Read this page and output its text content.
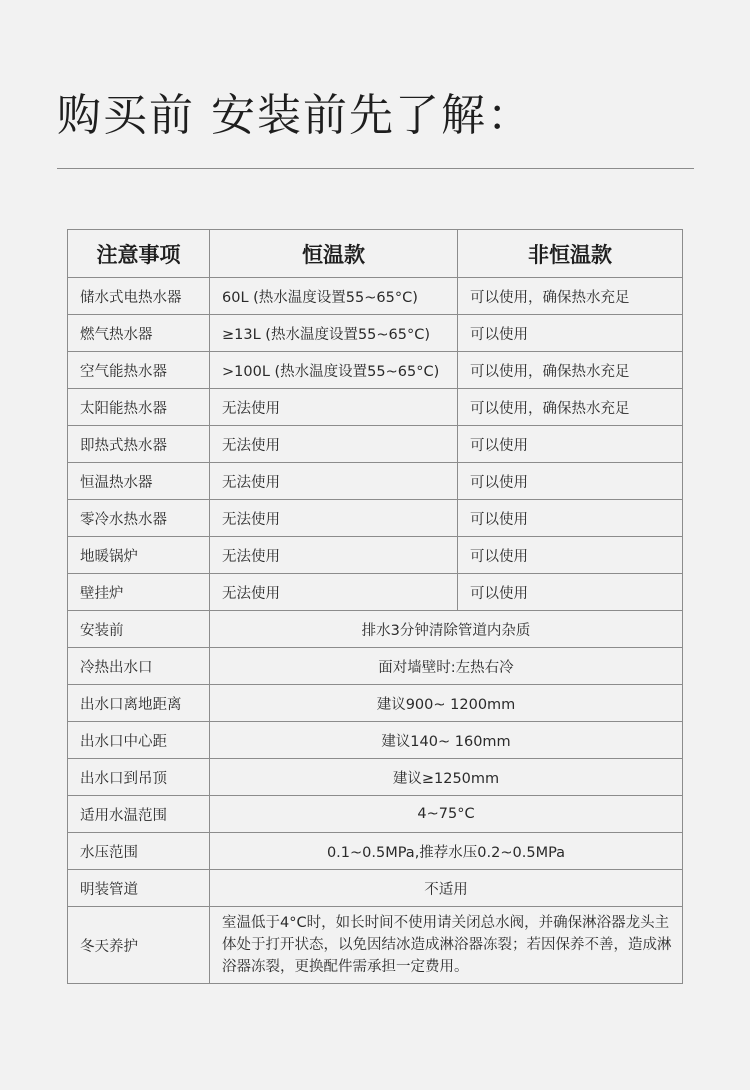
购买前 安装前先了解：
注意事项	恒温款	非恒温款
储水式电热水器	60L (热水温度设置55~65°C)	可以使用，确保热水充足
燃气热水器	≥13L (热水温度设置55~65°C)	可以使用
空气能热水器	>100L (热水温度设置55~65°C)	可以使用，确保热水充足
太阳能热水器	无法使用	可以使用，确保热水充足
即热式热水器	无法使用	可以使用
恒温热水器	无法使用	可以使用
零冷水热水器	无法使用	可以使用
地暖锅炉	无法使用	可以使用
壁挂炉	无法使用	可以使用
安装前	排水3分钟清除管道内杂质	
冷热出水口	面对墙壁时:左热右冷	
出水口离地距离	建议900~ 1200mm	
出水口中心距	建议140~ 160mm	
出水口到吊顶	建议≥1250mm	
适用水温范围	4~75°C	
水压范围	0.1~0.5MPa,推荐水压0.2~0.5MPa	
明装管道	不适用	
冬天养护	室温低于4°C时，如长时间不使用请关闭总水阀，并确保淋浴器龙头主体处于打开状态，以免因结冰造成淋浴器冻裂；若因保养不善，造成淋浴器冻裂，更换配件需承担一定费用。	
